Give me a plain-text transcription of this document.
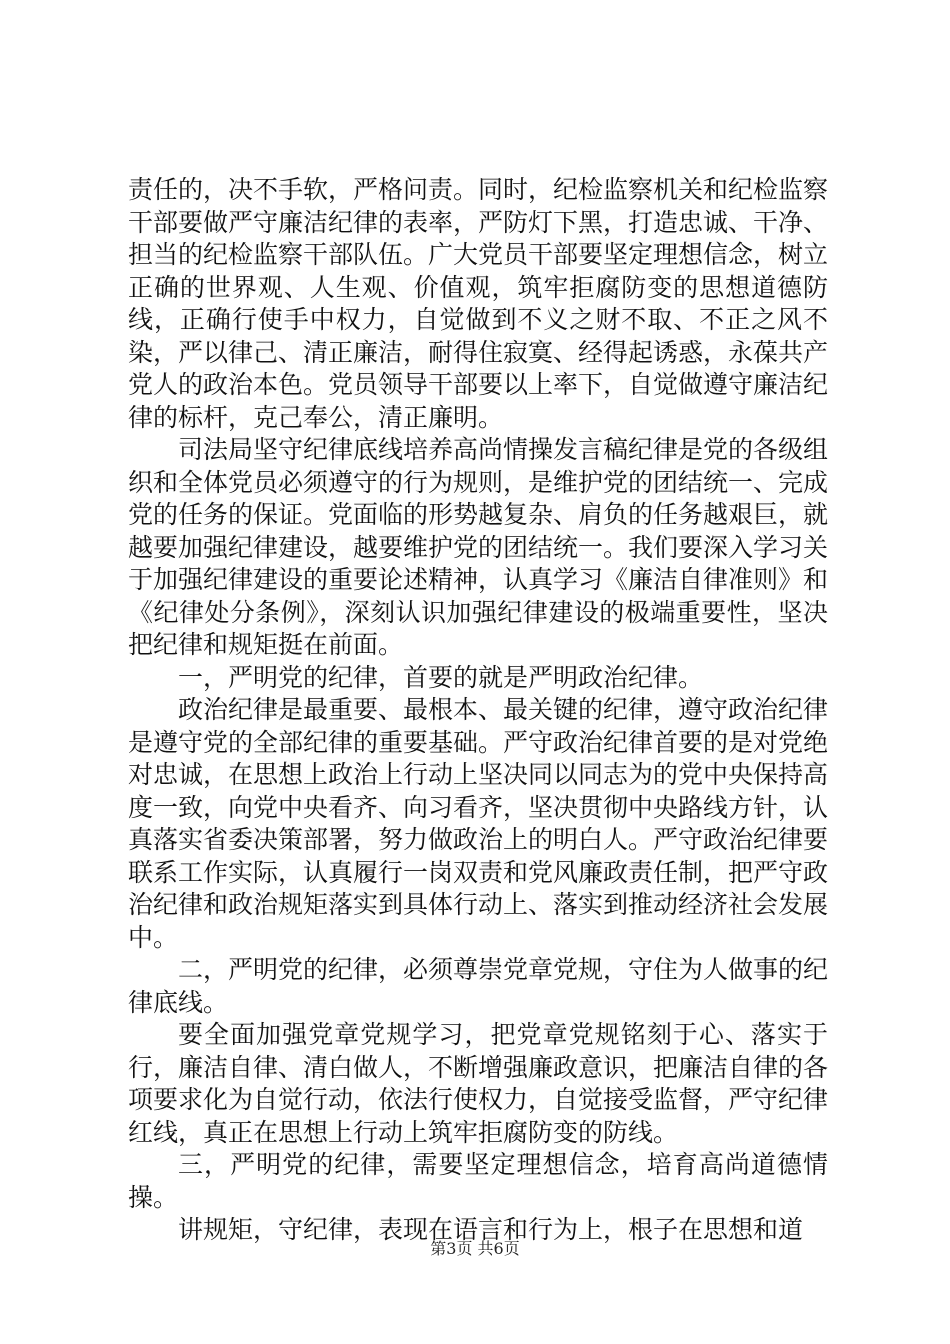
责任的，决不手软，严格问责。同时，纪检监察机关和纪检监察干部要做严守廉洁纪律的表率，严防灯下黑，打造忠诚、干净、担当的纪检监察干部队伍。广大党员干部要坚定理想信念，树立正确的世界观、人生观、价值观，筑牢拒腐防变的思想道德防线，正确行使手中权力，自觉做到不义之财不取、不正之风不染，严以律己、清正廉洁，耐得住寂寞、经得起诱惑，永葆共产党人的政治本色。党员领导干部要以上率下，自觉做遵守廉洁纪律的标杆，克己奉公，清正廉明。

司法局坚守纪律底线培养高尚情操发言稿纪律是党的各级组织和全体党员必须遵守的行为规则，是维护党的团结统一、完成党的任务的保证。党面临的形势越复杂、肩负的任务越艰巨，就越要加强纪律建设，越要维护党的团结统一。我们要深入学习关于加强纪律建设的重要论述精神，认真学习《廉洁自律准则》和《纪律处分条例》，深刻认识加强纪律建设的极端重要性，坚决把纪律和规矩挺在前面。

一，严明党的纪律，首要的就是严明政治纪律。

政治纪律是最重要、最根本、最关键的纪律，遵守政治纪律是遵守党的全部纪律的重要基础。严守政治纪律首要的是对党绝对忠诚，在思想上政治上行动上坚决同以同志为的党中央保持高度一致，向党中央看齐、向习看齐，坚决贯彻中央路线方针，认真落实省委决策部署，努力做政治上的明白人。严守政治纪律要联系工作实际，认真履行一岗双责和党风廉政责任制，把严守政治纪律和政治规矩落实到具体行动上、落实到推动经济社会发展中。

二，严明党的纪律，必须尊崇党章党规，守住为人做事的纪律底线。

要全面加强党章党规学习，把党章党规铭刻于心、落实于行，廉洁自律、清白做人，不断增强廉政意识，把廉洁自律的各项要求化为自觉行动，依法行使权力，自觉接受监督，严守纪律红线，真正在思想上行动上筑牢拒腐防变的防线。

三，严明党的纪律，需要坚定理想信念，培育高尚道德情操。

讲规矩，守纪律，表现在语言和行为上，根子在思想和道

第3页 共6页
